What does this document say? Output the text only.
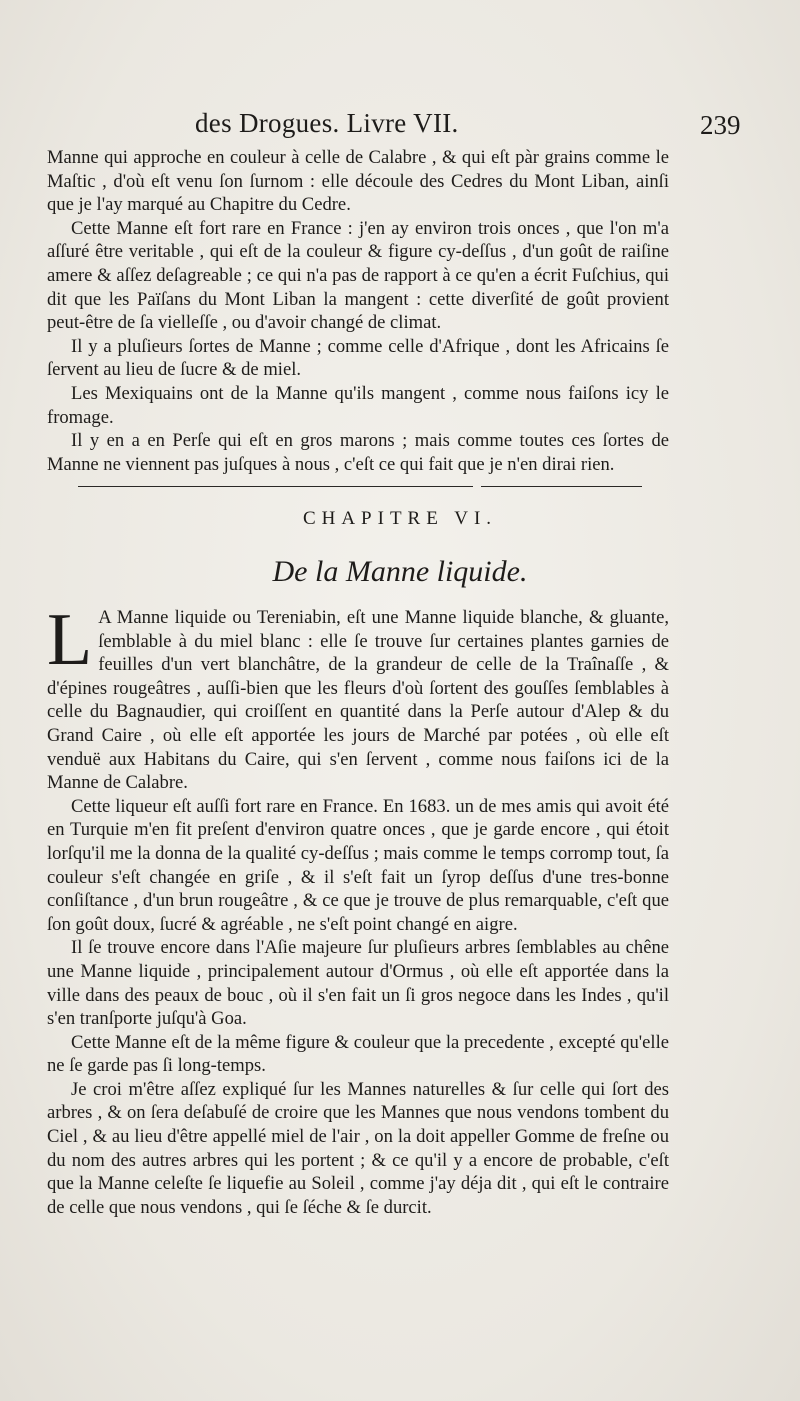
des Drogues. Livre VII.	239

Manne qui approche en couleur à celle de Calabre , & qui eſt pàr grains comme le Maſtic , d'où eſt venu ſon ſurnom : elle découle des Cedres du Mont Liban, ainſi que je l'ay marqué au Chapitre du Cedre.

Cette Manne eſt fort rare en France : j'en ay environ trois onces , que l'on m'a aſſuré être veritable , qui eſt de la couleur & figure cy-deſſus , d'un goût de raiſine amere & aſſez deſagreable ; ce qui n'a pas de rapport à ce qu'en a écrit Fuſchius, qui dit que les Païſans du Mont Liban la mangent : cette diverſité de goût provient peut-être de ſa vielleſſe , ou d'avoir changé de climat.

Il y a pluſieurs ſortes de Manne ; comme celle d'Afrique , dont les Africains ſe ſervent au lieu de ſucre & de miel.

Les Mexiquains ont de la Manne qu'ils mangent , comme nous faiſons icy le fromage.

Il y en a en Perſe qui eſt en gros marons ; mais comme toutes ces ſortes de Manne ne viennent pas juſques à nous , c'eſt ce qui fait que je n'en dirai rien.

CHAPITRE VI.
De la Manne liquide.

L A Manne liquide ou Tereniabin, eſt une Manne liquide blanche, & gluante, ſemblable à du miel blanc : elle ſe trouve ſur certaines plantes garnies de feuilles d'un vert blanchâtre, de la grandeur de celle de la Traînaſſe , & d'épines rougeâtres , auſſi-bien que les fleurs d'où ſortent des gouſſes ſemblables à celle du Bagnaudier, qui croiſſent en quantité dans la Perſe autour d'Alep & du Grand Caire , où elle eſt apportée les jours de Marché par potées , où elle eſt venduë aux Habitans du Caire, qui s'en ſervent , comme nous faiſons ici de la Manne de Calabre.

Cette liqueur eſt auſſi fort rare en France. En 1683. un de mes amis qui avoit été en Turquie m'en fit preſent d'environ quatre onces , que je garde encore , qui étoit lorſqu'il me la donna de la qualité cy-deſſus ; mais comme le temps corromp tout, ſa couleur s'eſt changée en griſe , & il s'eſt fait un ſyrop deſſus d'une tres-bonne conſiſtance , d'un brun rougeâtre , & ce que je trouve de plus remarquable, c'eſt que ſon goût doux, ſucré & agréable , ne s'eſt point changé en aigre.

Il ſe trouve encore dans l'Aſie majeure ſur pluſieurs arbres ſemblables au chêne une Manne liquide , principalement autour d'Ormus , où elle eſt apportée dans la ville dans des peaux de bouc , où il s'en fait un ſi gros negoce dans les Indes , qu'il s'en tranſporte juſqu'à Goa.

Cette Manne eſt de la même figure & couleur que la precedente , excepté qu'elle ne ſe garde pas ſi long-temps.

Je croi m'être aſſez expliqué ſur les Mannes naturelles & ſur celle qui ſort des arbres , & on ſera deſabuſé de croire que les Mannes que nous vendons tombent du Ciel , & au lieu d'être appellé miel de l'air , on la doit appeller Gomme de freſne ou du nom des autres arbres qui les portent ; & ce qu'il y a encore de probable, c'eſt que la Manne celeſte ſe liquefie au Soleil , comme j'ay déja dit , qui eſt le contraire de celle que nous vendons , qui ſe ſéche & ſe durcit.
